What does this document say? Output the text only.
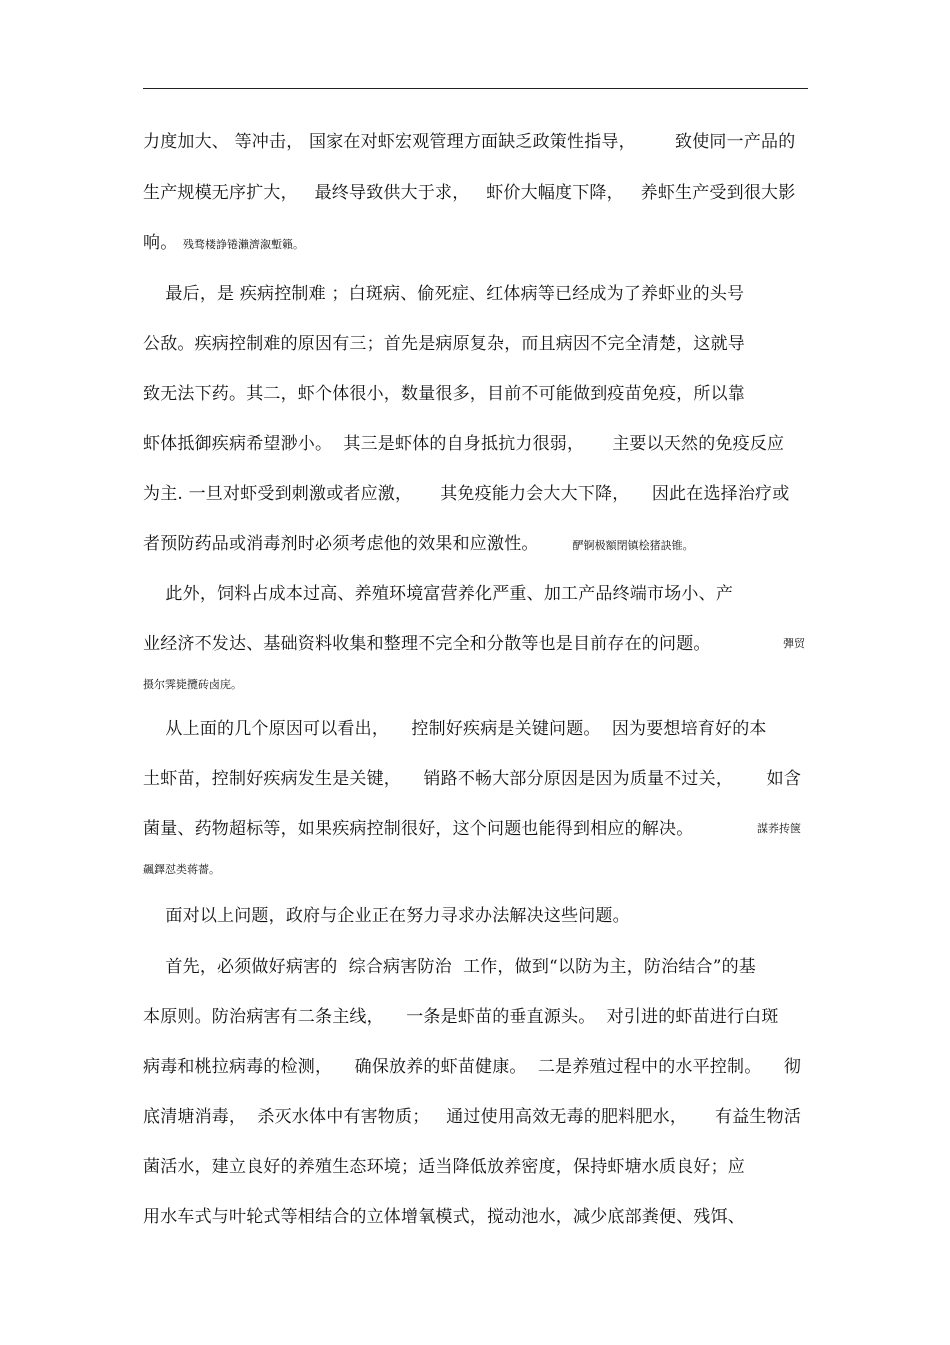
力度加大、 等冲击， 国家在对虾宏观管理方面缺乏政策性指导，       致使同一产品的
生产规模无序扩大，   最终导致供大于求，   虾价大幅度下降，   养虾生产受到很大影
响。 残骛楼諍锩瀨濟溆塹籟。
最后，是 疾病控制难 ；白斑病、偷死症、红体病等已经成为了养虾业的头号
公敌。疾病控制难的原因有三；首先是病原复杂，而且病因不完全清楚，这就导
致无法下药。其二，虾个体很小，数量很多，目前不可能做到疫苗免疫，所以靠
虾体抵御疾病希望渺小。  其三是虾体的自身抵抗力很弱，     主要以天然的免疫反应
为主. 一旦对虾受到刺激或者应激，     其免疫能力会大大下降，    因此在选择治疗或
者预防药品或消毒剂时必须考虑他的效果和应激性。	酽锕极額閉镇桧猪訣锥。
此外，饲料占成本过高、养殖环境富营养化严重、加工产品终端市场小、产
业经济不发达、基础资料收集和整理不完全和分散等也是目前存在的问题。	彈贸
摄尔霁毙攬砖卤庑。
从上面的几个原因可以看出，    控制好疾病是关键问题。  因为要想培育好的本
土虾苗，控制好疾病发生是关键，    销路不畅大部分原因是因为质量不过关，      如含
菌量、药物超标等，如果疾病控制很好，这个问题也能得到相应的解决。	謀荞抟箧
飆鐸怼类蒋薔。
面对以上问题，政府与企业正在努力寻求办法解决这些问题。
首先，必须做好病害的  综合病害防治  工作，做到“以防为主，防治结合”的基
本原则。防治病害有二条主线，    一条是虾苗的垂直源头。  对引进的虾苗进行白斑
病毒和桃拉病毒的检测，    确保放养的虾苗健康。  二是养殖过程中的水平控制。    彻
底清塘消毒，  杀灭水体中有害物质；   通过使用高效无毒的肥料肥水，     有益生物活
菌活水，建立良好的养殖生态环境；适当降低放养密度，保持虾塘水质良好；应
用水车式与叶轮式等相结合的立体增氧模式，搅动池水，减少底部粪便、残饵、
